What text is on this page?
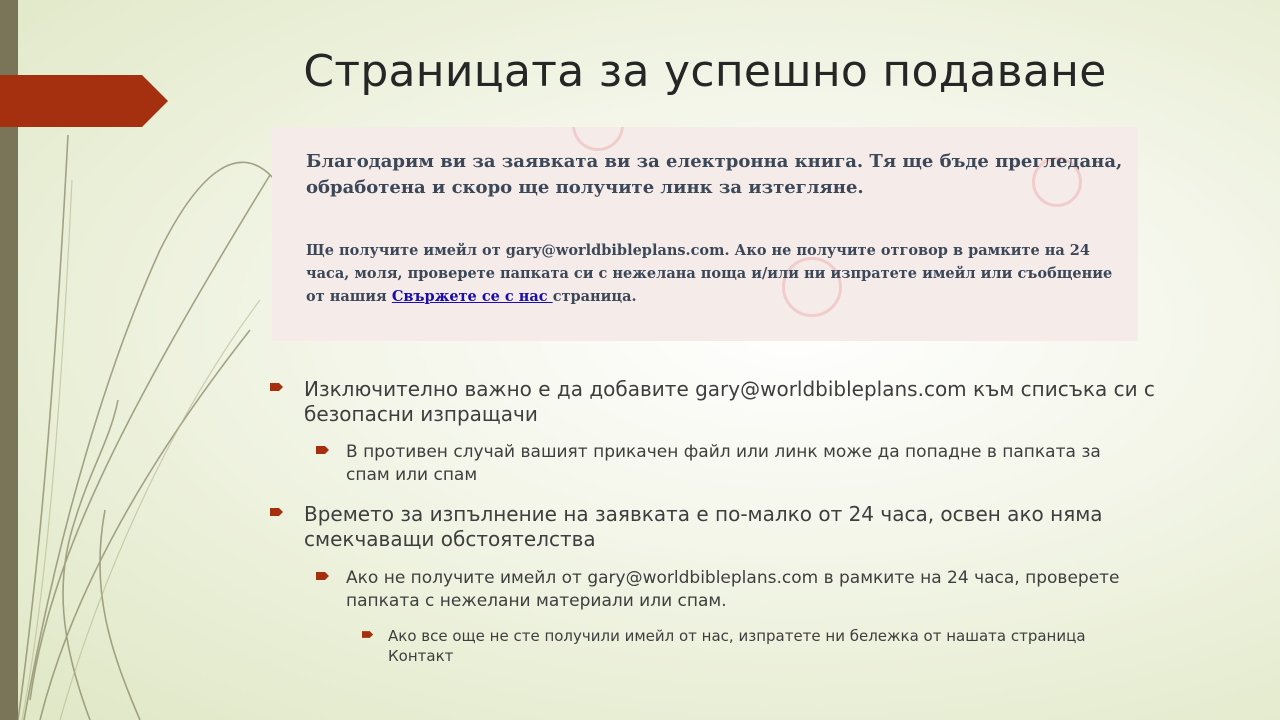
Страницата за успешно подаване

Благодарим ви за заявката ви за електронна книга. Тя ще бъде прегледана, обработена и скоро ще получите линк за изтегляне.

Ще получите имейл от gary@worldbibleplans.com. Ако не получите отговор в рамките на 24 часа, моля, проверете папката си с нежелана поща и/или ни изпратете имейл или съобщение от нашия Свържете се с нас страница.

Изключително важно е да добавите gary@worldbibleplans.com към списъка си с безопасни изпращачи
В противен случай вашият прикачен файл или линк може да попадне в папката за спам или спам
Времето за изпълнение на заявката е по-малко от 24 часа, освен ако няма смекчаващи обстоятелства
Ако не получите имейл от gary@worldbibleplans.com в рамките на 24 часа, проверете папката с нежелани материали или спам.
Ако все още не сте получили имейл от нас, изпратете ни бележка от нашата страница Контакт
